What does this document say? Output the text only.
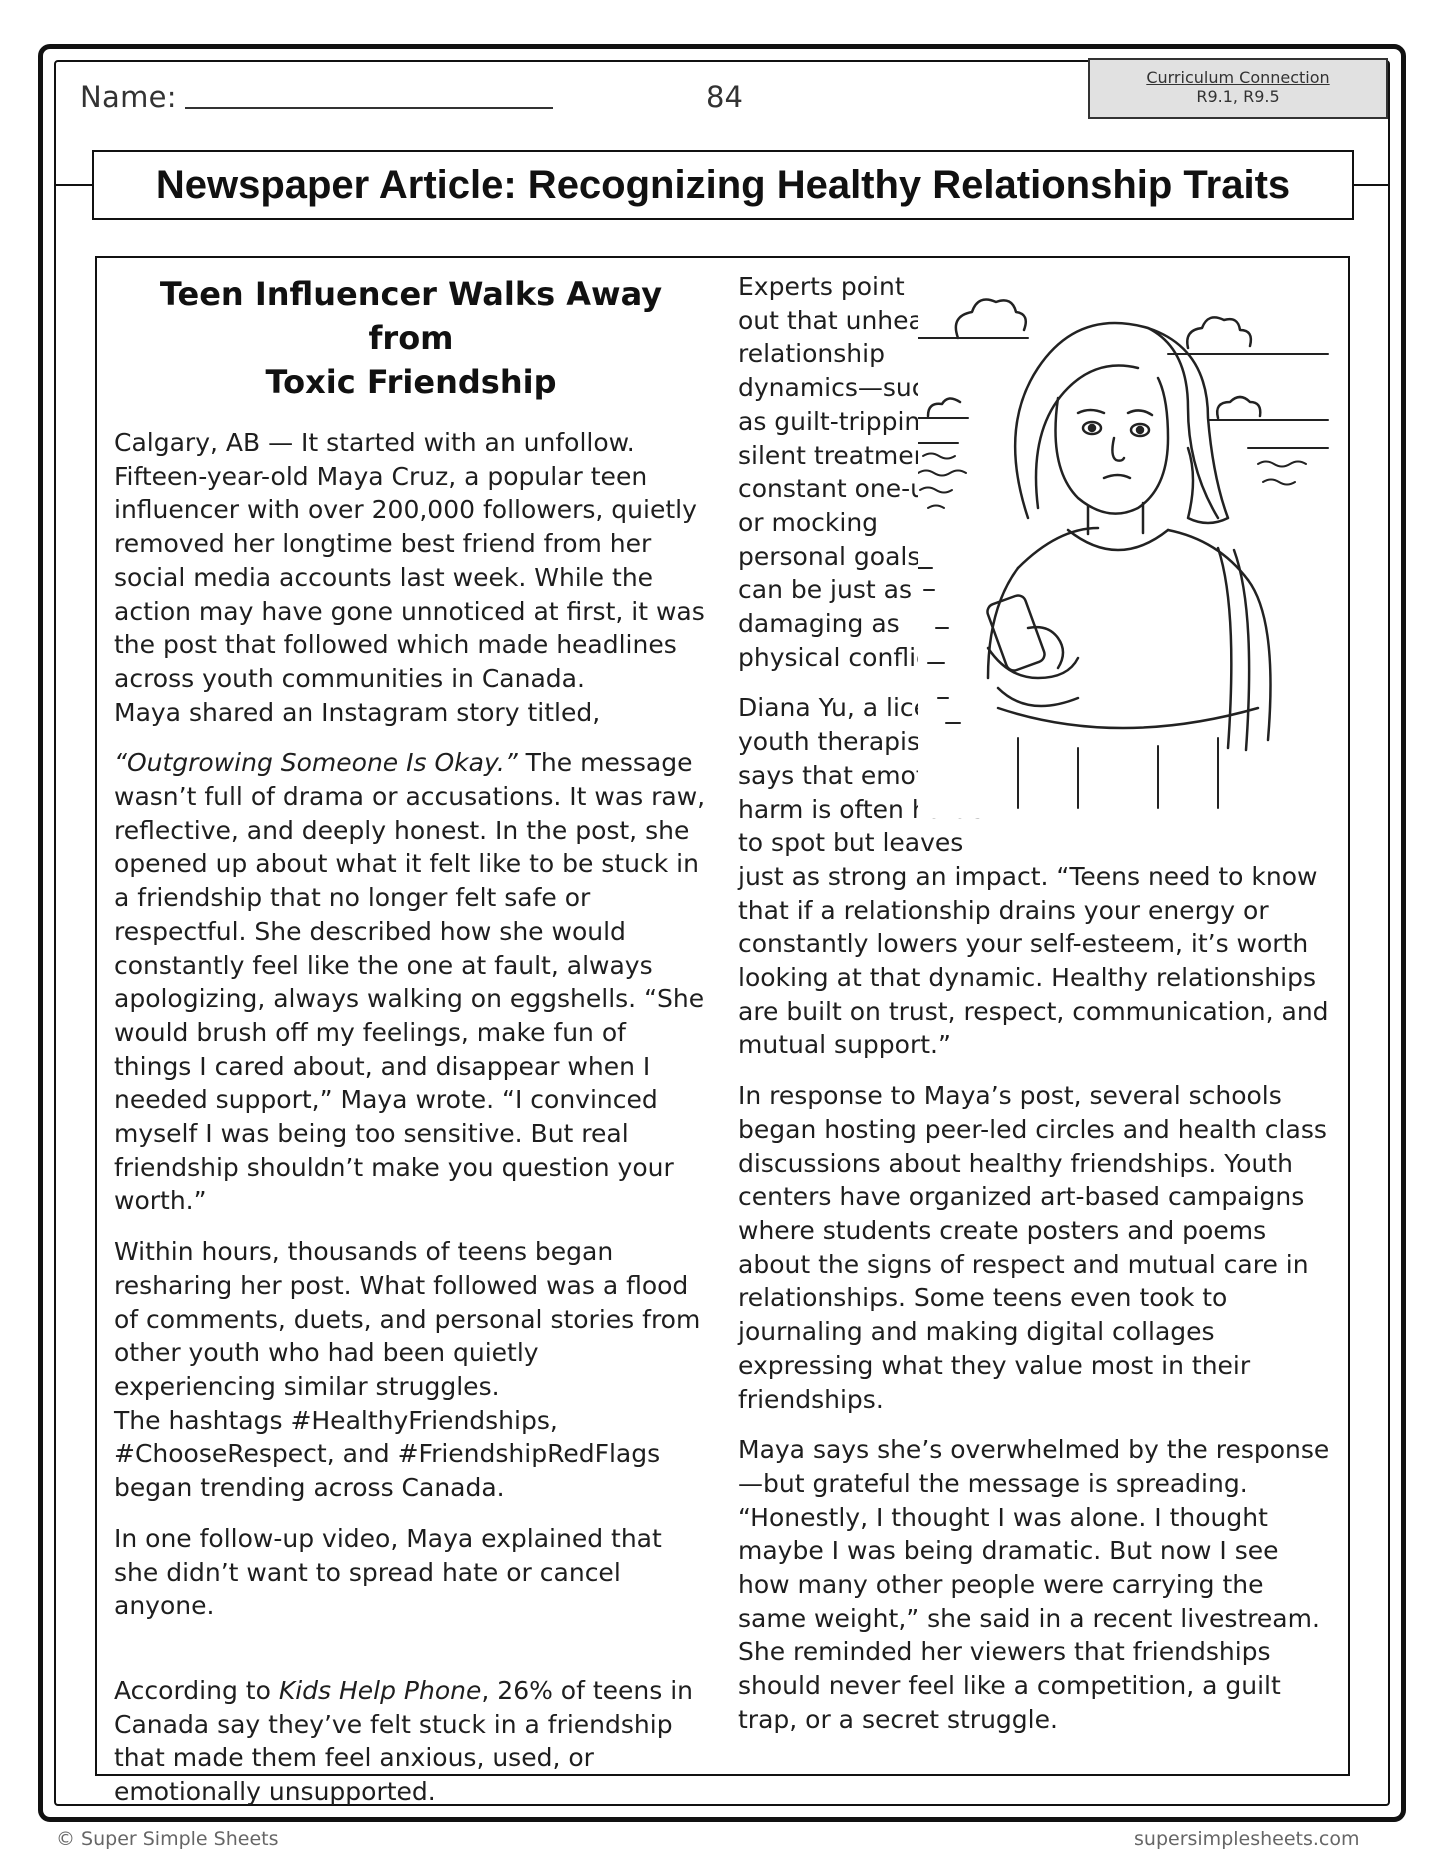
Name:	84
Curriculum Connection
R9.1, R9.5
Newspaper Article: Recognizing Healthy Relationship Traits
Teen Influencer Walks Away from
Toxic Friendship

Calgary, AB — It started with an unfollow. Fifteen-year-old Maya Cruz, a popular teen influencer with over 200,000 followers, quietly removed her longtime best friend from her social media accounts last week. While the action may have gone unnoticed at first, it was the post that followed which made headlines across youth communities in Canada.

Maya shared an Instagram story titled,

“Outgrowing Someone Is Okay.” The message wasn’t full of drama or accusations. It was raw, reflective, and deeply honest. In the post, she opened up about what it felt like to be stuck in a friendship that no longer felt safe or respectful. She described how she would constantly feel like the one at fault, always apologizing, always walking on eggshells. “She would brush off my feelings, make fun of things I cared about, and disappear when I needed support,” Maya wrote. “I convinced myself I was being too sensitive. But real friendship shouldn’t make you question your worth.”

Within hours, thousands of teens began resharing her post. What followed was a flood of comments, duets, and personal stories from other youth who had been quietly experiencing similar struggles.

The hashtags #HealthyFriendships, #ChooseRespect, and #FriendshipRedFlags began trending across Canada.

In one follow-up video, Maya explained that she didn’t want to spread hate or cancel anyone.

According to Kids Help Phone, 26% of teens in Canada say they’ve felt stuck in a friendship that made them feel anxious, used, or emotionally unsupported.

Experts point
out that unhealthy
relationship
dynamics—such
as guilt-tripping,
silent treatment,
constant one-upping,
or mocking
personal goals—
can be just as
damaging as
physical conflict.

Diana Yu, a licensed
youth therapist,
says that emotional
harm is often harder
to spot but leaves
just as strong an impact. “Teens need to know that if a relationship drains your energy or constantly lowers your self-esteem, it’s worth looking at that dynamic. Healthy relationships are built on trust, respect, communication, and mutual support.”

In response to Maya’s post, several schools began hosting peer-led circles and health class discussions about healthy friendships. Youth centers have organized art-based campaigns where students create posters and poems about the signs of respect and mutual care in relationships. Some teens even took to journaling and making digital collages expressing what they value most in their friendships.

Maya says she’s overwhelmed by the response—but grateful the message is spreading. “Honestly, I thought I was alone. I thought maybe I was being dramatic. But now I see how many other people were carrying the same weight,” she said in a recent livestream. She reminded her viewers that friendships should never feel like a competition, a guilt trap, or a secret struggle.

© Super Simple Sheets	supersimplesheets.com
